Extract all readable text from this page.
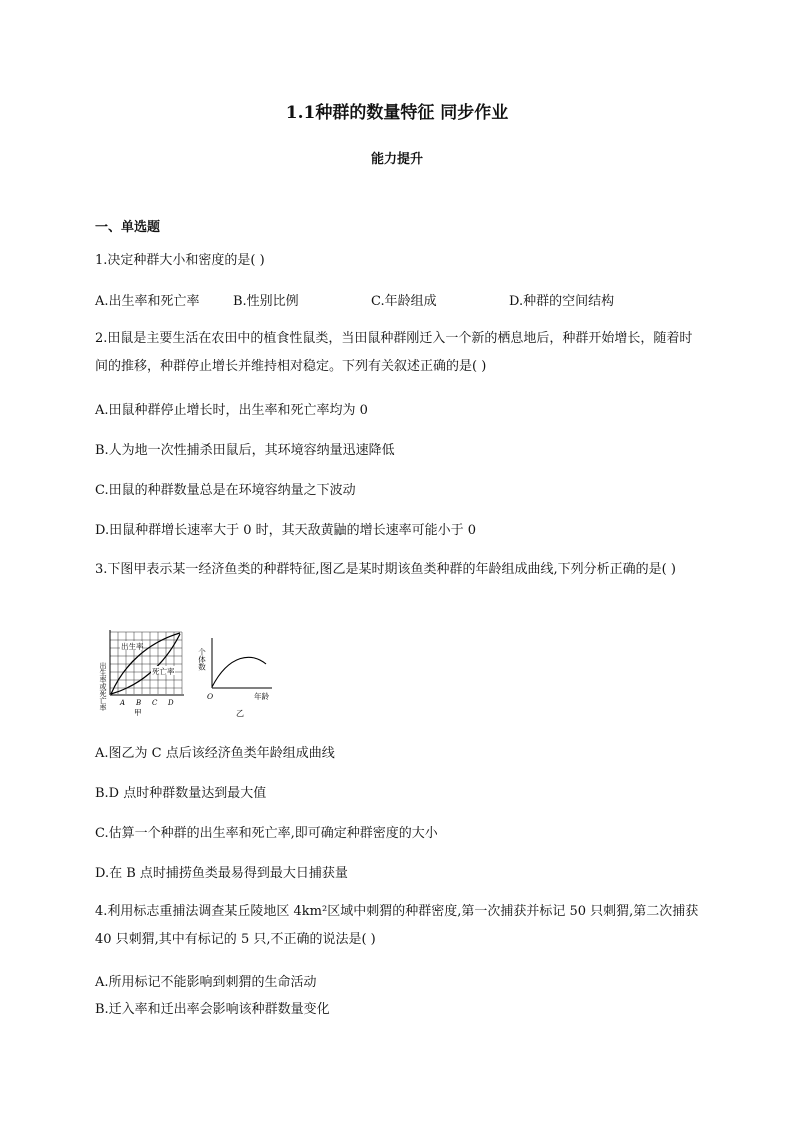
1.1种群的数量特征 同步作业
能力提升
一、单选题
1.决定种群大小和密度的是( )
A.出生率和死亡率	B.性别比例	C.年龄组成	D.种群的空间结构
2.田鼠是主要生活在农田中的植食性鼠类，当田鼠种群刚迁入一个新的栖息地后，种群开始增长，随着时间的推移，种群停止增长并维持相对稳定。下列有关叙述正确的是( )
A.田鼠种群停止增长时，出生率和死亡率均为 0
B.人为地一次性捕杀田鼠后，其环境容纳量迅速降低
C.田鼠的种群数量总是在环境容纳量之下波动
D.田鼠种群增长速率大于 0 时，其天敌黄鼬的增长速率可能小于 0
3.下图甲表示某一经济鱼类的种群特征,图乙是某时期该鱼类种群的年龄组成曲线,下列分析正确的是( )
出生率或死亡率
出生率
死亡率
A B C D
甲
个体数
O	年龄
乙
A.图乙为 C 点后该经济鱼类年龄组成曲线
B.D 点时种群数量达到最大值
C.估算一个种群的出生率和死亡率,即可确定种群密度的大小
D.在 B 点时捕捞鱼类最易得到最大日捕获量
4.利用标志重捕法调查某丘陵地区 4km²区域中刺猬的种群密度,第一次捕获并标记 50 只刺猬,第二次捕获 40 只刺猬,其中有标记的 5 只,不正确的说法是( )
A.所用标记不能影响到刺猬的生命活动
B.迁入率和迁出率会影响该种群数量变化
